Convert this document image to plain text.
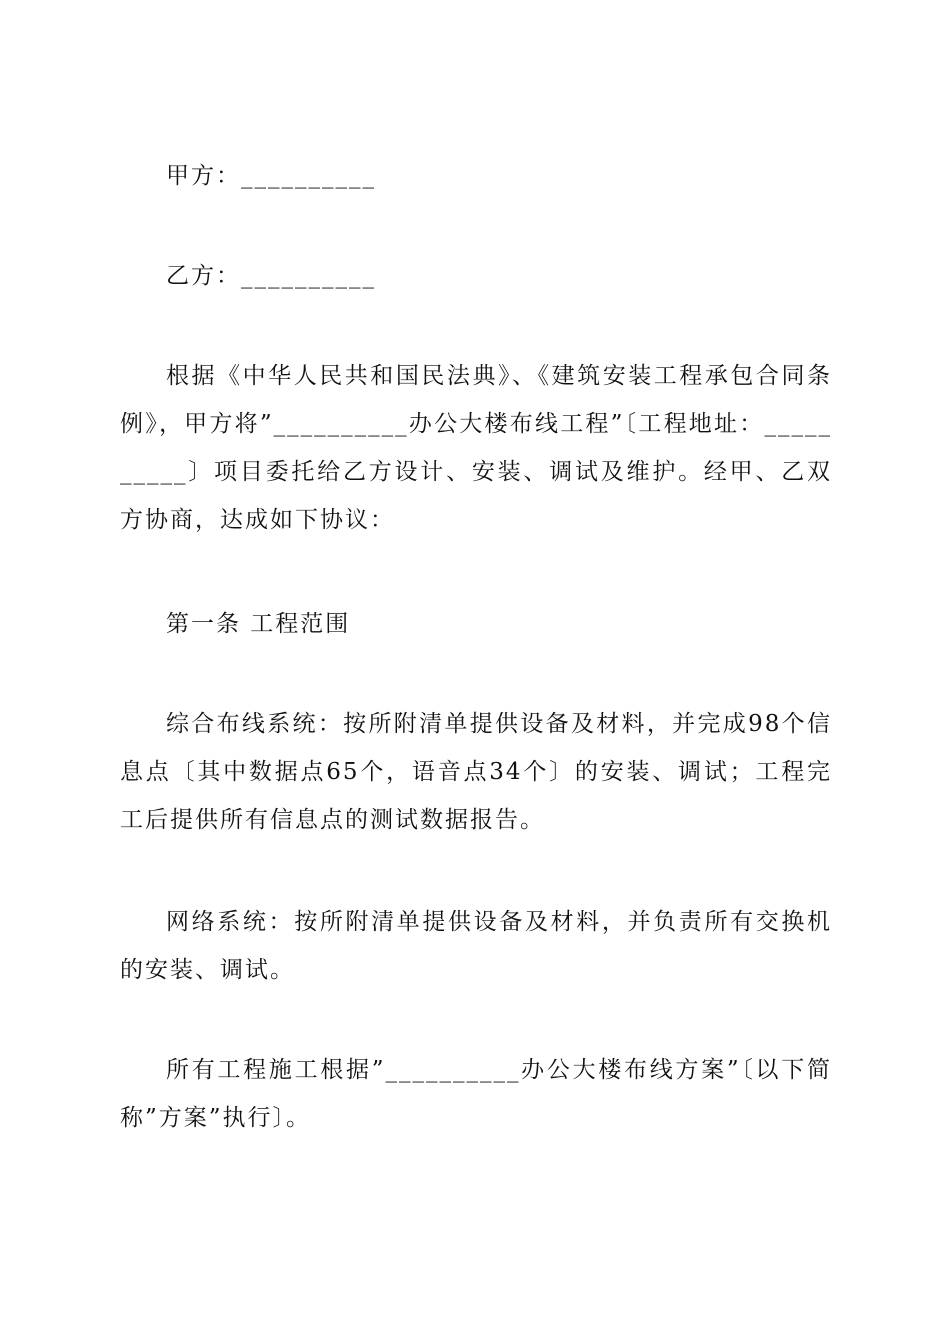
甲方：__________

乙方：__________

根据《中华人民共和国民法典》、《建筑安装工程承包合同条例》，甲方将”__________办公大楼布线工程”〔工程地址：__________〕项目委托给乙方设计、安装、调试及维护。经甲、乙双方协商，达成如下协议：

第一条 工程范围

综合布线系统：按所附清单提供设备及材料，并完成98个信息点〔其中数据点65个，语音点34个〕的安装、调试；工程完工后提供所有信息点的测试数据报告。

网络系统：按所附清单提供设备及材料，并负责所有交换机的安装、调试。

所有工程施工根据”__________办公大楼布线方案”〔以下简称”方案”执行〕。
